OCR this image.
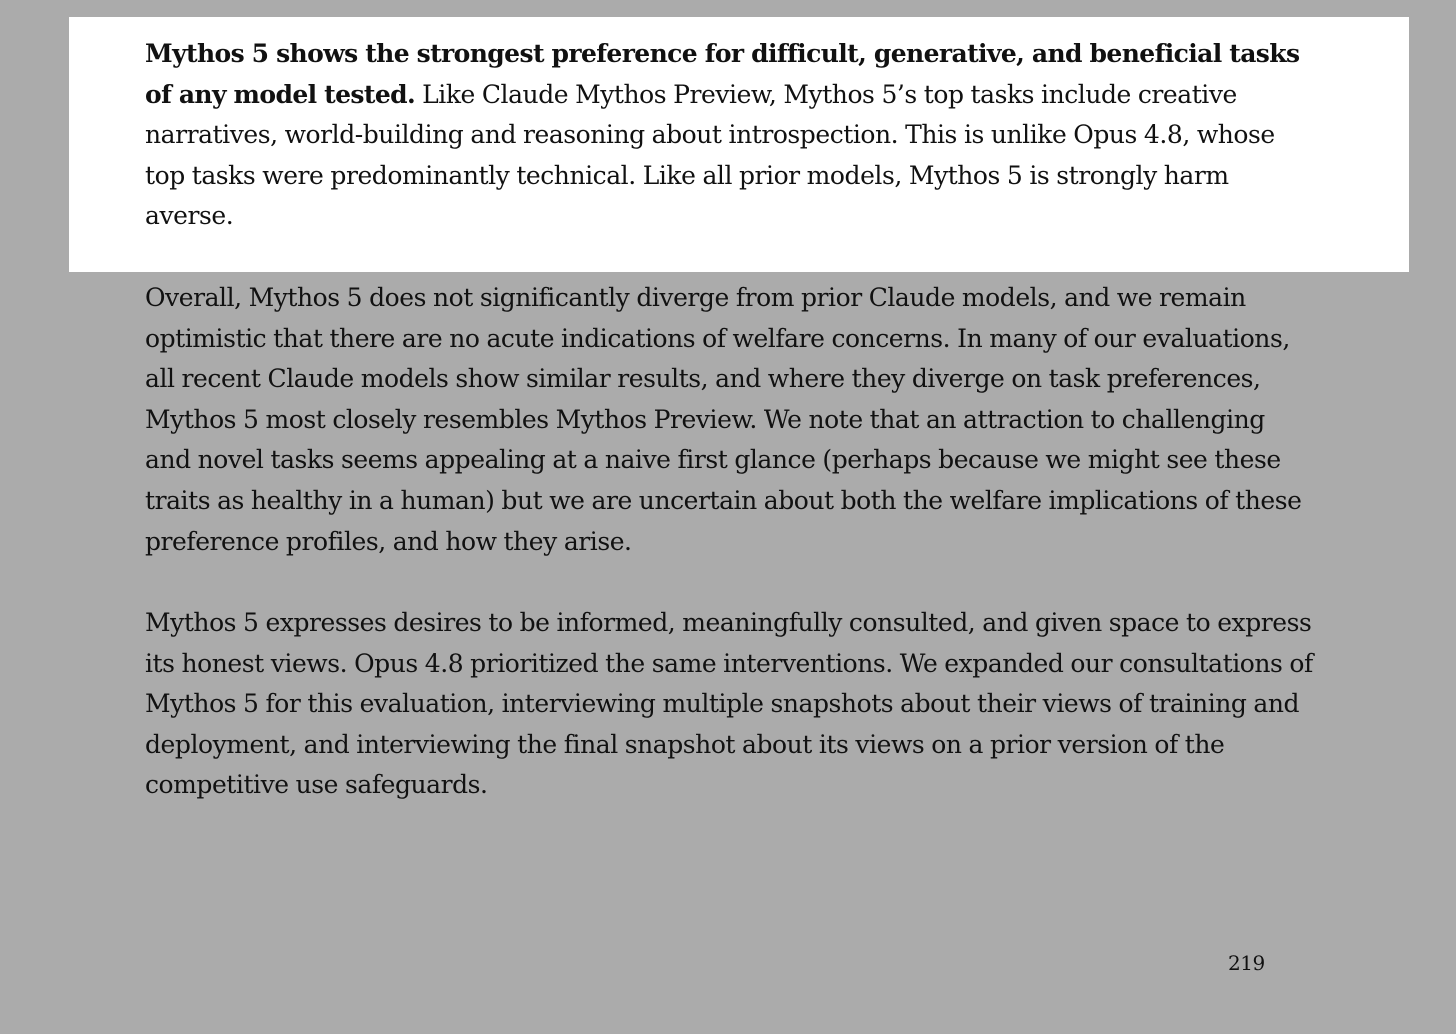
Mythos 5 shows the strongest preference for difficult, generative, and beneficial tasks of any model tested. Like Claude Mythos Preview, Mythos 5’s top tasks include creative narratives, world-building and reasoning about introspection. This is unlike Opus 4.8, whose top tasks were predominantly technical. Like all prior models, Mythos 5 is strongly harm averse.

Overall, Mythos 5 does not significantly diverge from prior Claude models, and we remain optimistic that there are no acute indications of welfare concerns. In many of our evaluations, all recent Claude models show similar results, and where they diverge on task preferences, Mythos 5 most closely resembles Mythos Preview. We note that an attraction to challenging and novel tasks seems appealing at a naive first glance (perhaps because we might see these traits as healthy in a human) but we are uncertain about both the welfare implications of these preference profiles, and how they arise.

Mythos 5 expresses desires to be informed, meaningfully consulted, and given space to express its honest views. Opus 4.8 prioritized the same interventions. We expanded our consultations of Mythos 5 for this evaluation, interviewing multiple snapshots about their views of training and deployment, and interviewing the final snapshot about its views on a prior version of the competitive use safeguards.

219
